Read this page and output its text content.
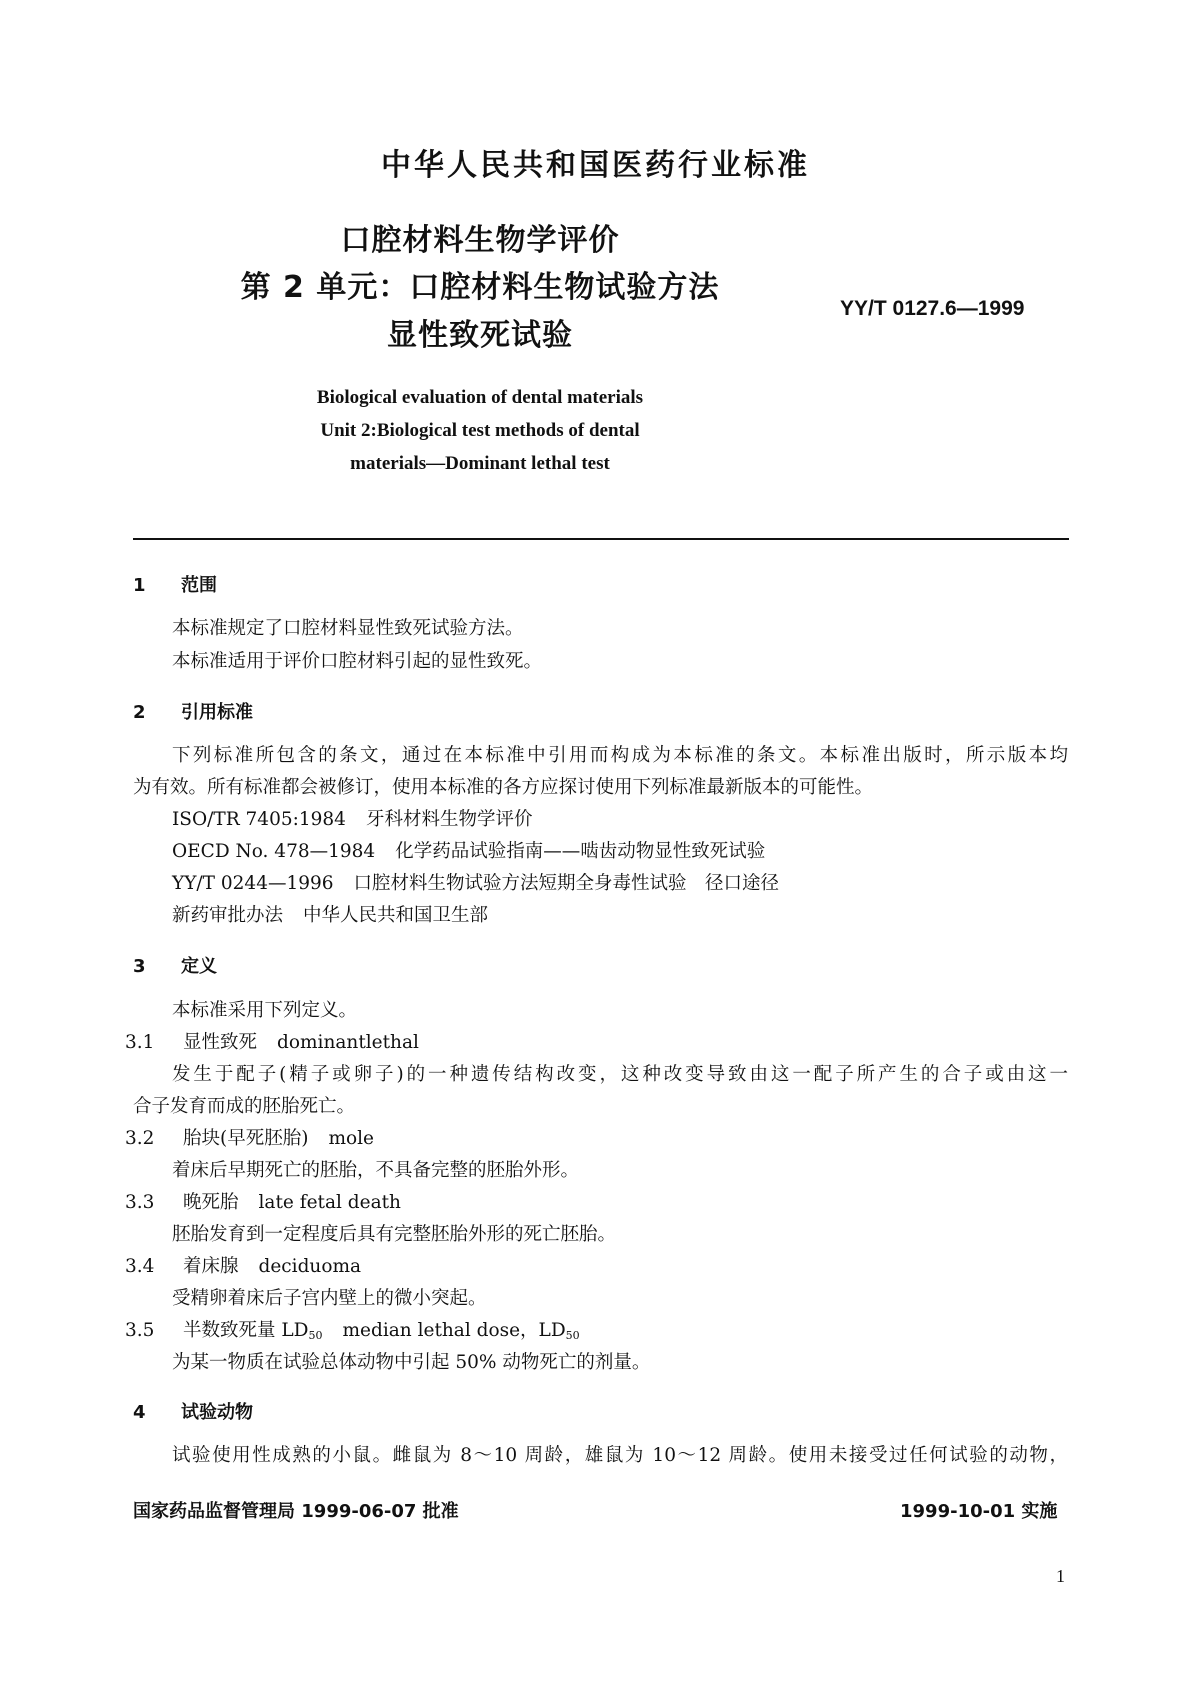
中华人民共和国医药行业标准
口腔材料生物学评价
第 2 单元：口腔材料生物试验方法
显性致死试验
YY/T 0127.6—1999
Biological evaluation of dental materials
Unit 2:Biological test methods of dental
materials—Dominant lethal test
1 范围
本标准规定了口腔材料显性致死试验方法。
本标准适用于评价口腔材料引起的显性致死。
2 引用标准
下列标准所包含的条文，通过在本标准中引用而构成为本标准的条文。本标准出版时，所示版本均
为有效。所有标准都会被修订，使用本标准的各方应探讨使用下列标准最新版本的可能性。
ISO/TR 7405:1984 牙科材料生物学评价
OECD No. 478—1984 化学药品试验指南——啮齿动物显性致死试验
YY/T 0244—1996 口腔材料生物试验方法短期全身毒性试验　径口途径
新药审批办法 中华人民共和国卫生部
3 定义
本标准采用下列定义。
3.1 显性致死 dominantlethal
发生于配子(精子或卵子)的一种遗传结构改变，这种改变导致由这一配子所产生的合子或由这一
合子发育而成的胚胎死亡。
3.2 胎块(早死胚胎) mole
着床后早期死亡的胚胎，不具备完整的胚胎外形。
3.3 晚死胎 late fetal death
胚胎发育到一定程度后具有完整胚胎外形的死亡胚胎。
3.4 着床腺 deciduoma
受精卵着床后子宫内壁上的微小突起。
3.5 半数致死量 $LD_{50}$ median lethal dose，$LD_{50}$
为某一物质在试验总体动物中引起 50% 动物死亡的剂量。
4 试验动物
试验使用性成熟的小鼠。雌鼠为 8～10 周龄，雄鼠为 10～12 周龄。使用未接受过任何试验的动物，
国家药品监督管理局 1999-06-07 批准	1999-10-01 实施
1
